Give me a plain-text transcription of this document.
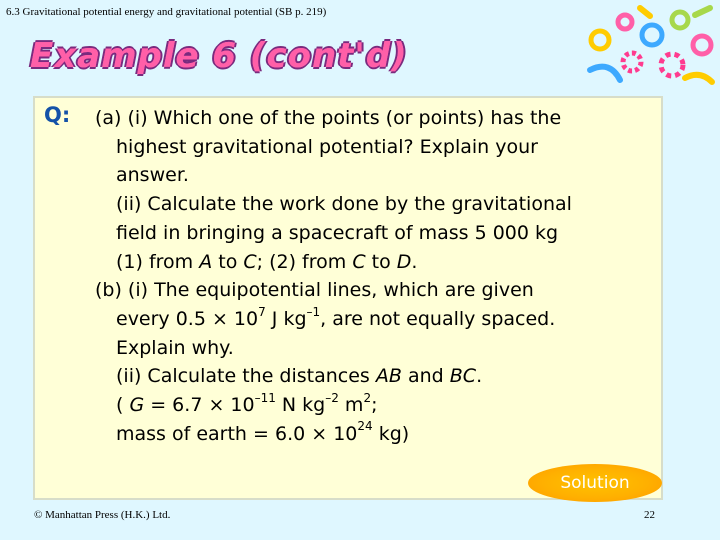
6.3 Gravitational potential energy and gravitational potential (SB p. 219)
Example 6 (cont'd)
Q: (a) (i) Which one of the points (or points) has the
highest gravitational potential? Explain your
answer.
(ii) Calculate the work done by the gravitational
field in bringing a spacecraft of mass 5 000 kg
(1) from A to C; (2) from C to D.
(b) (i) The equipotential lines, which are given
every $0.5 \times 10^7$ J $kg^{-1}$, are not equally spaced.
Explain why.
(ii) Calculate the distances AB and BC.
( $G = 6.7 \times 10^{-11}$ N $kg^{-2}$ $m^2$;
mass of earth = $6.0 \times 10^{24}$ kg)
Solution
© Manhattan Press (H.K.) Ltd.	22
